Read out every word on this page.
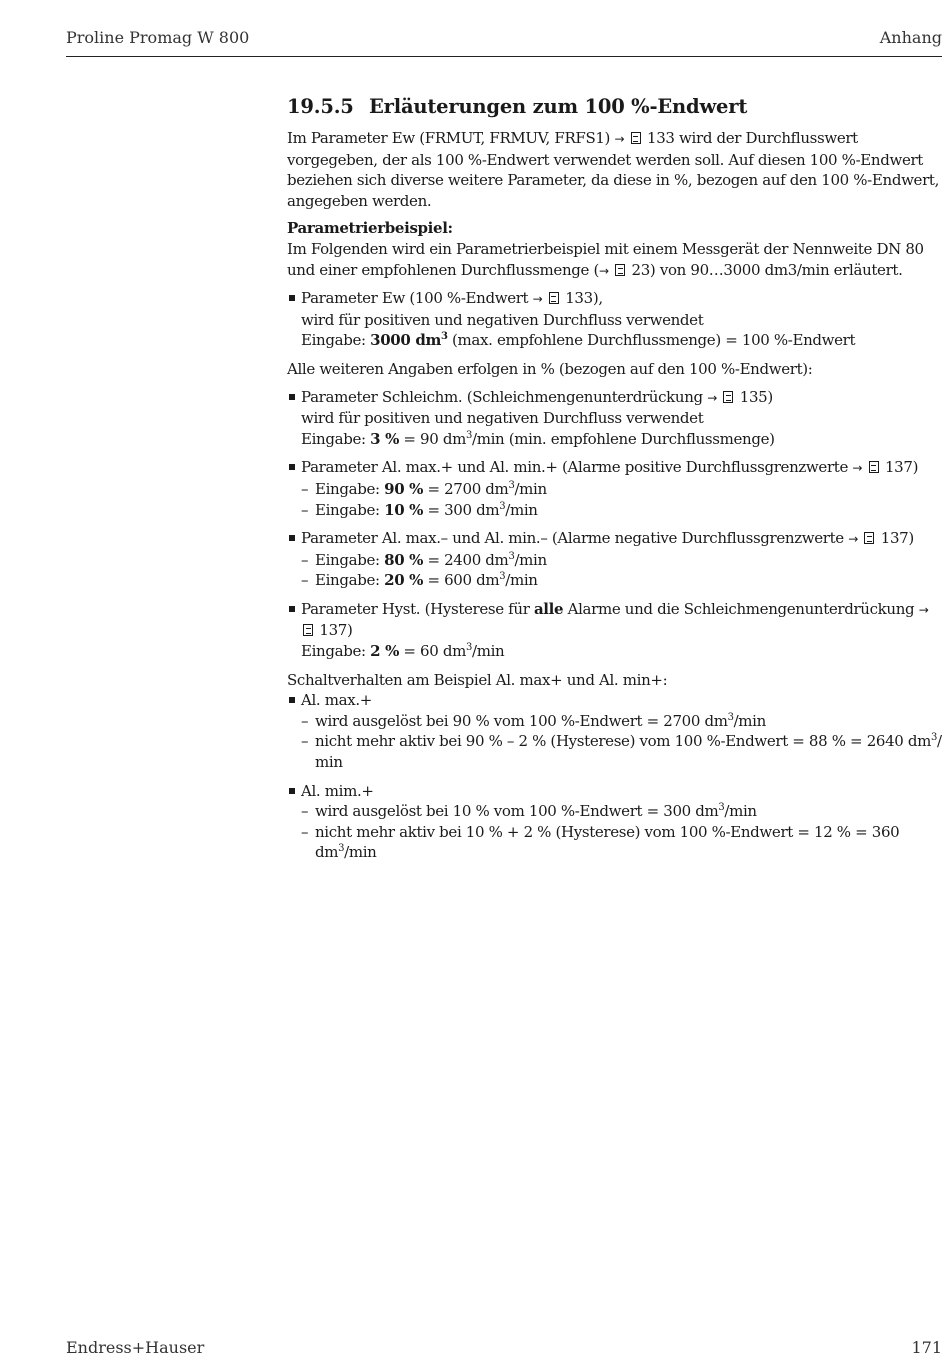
Proline Promag W 800	Anhang
19.5.5 Erläuterungen zum 100 %-Endwert

Im Parameter Ew (FRMUT, FRMUV, FRFS1) → 133 wird der Durchflusswert vorgegeben, der als 100 %-Endwert verwendet werden soll. Auf diesen 100 %-Endwert beziehen sich diverse weitere Parameter, da diese in %, bezogen auf den 100 %-Endwert, angegeben werden.

Parametrierbeispiel:
Im Folgenden wird ein Parametrierbeispiel mit einem Messgerät der Nennweite DN 80 und einer empfohlenen Durchflussmenge (→ 23) von 90…3000 dm3/min erläutert.

Parameter Ew (100 %-Endwert → 133),
wird für positiven und negativen Durchfluss verwendet
Eingabe: 3000 $dm^3$ (max. empfohlene Durchflussmenge) = 100 %-Endwert

Alle weiteren Angaben erfolgen in % (bezogen auf den 100 %-Endwert):

Parameter Schleichm. (Schleichmengenunterdrückung → 135)
wird für positiven und negativen Durchfluss verwendet
Eingabe: 3 % = 90 $dm^3/\min$ (min. empfohlene Durchflussmenge)
Parameter Al. max.+ und Al. min.+ (Alarme positive Durchflussgrenzwerte → 137)
– Eingabe: 90 % = 2700 $dm^3/\min$
– Eingabe: 10 % = 300 $dm^3/\min$
Parameter Al. max.– und Al. min.– (Alarme negative Durchflussgrenzwerte → 137)
– Eingabe: 80 % = 2400 $dm^3/\min$
– Eingabe: 20 % = 600 $dm^3/\min$
Parameter Hyst. (Hysterese für alle Alarme und die Schleichmengenunterdrückung →  137)
Eingabe: 2 % = 60 $dm^3/\min$

Schaltverhalten am Beispiel Al. max+ und Al. min+:

Al. max.+
– wird ausgelöst bei 90 % vom 100 %-Endwert = 2700 $dm^3/\min$
– nicht mehr aktiv bei 90 % – 2 % (Hysterese) vom 100 %-Endwert = 88 % = 2640 $dm^3/$ min
Al. mim.+
– wird ausgelöst bei 10 % vom 100 %-Endwert = 300 $dm^3/\min$
– nicht mehr aktiv bei 10 % + 2 % (Hysterese) vom 100 %-Endwert = 12 % = 360 $dm^3/\min$
Endress+Hauser	171
